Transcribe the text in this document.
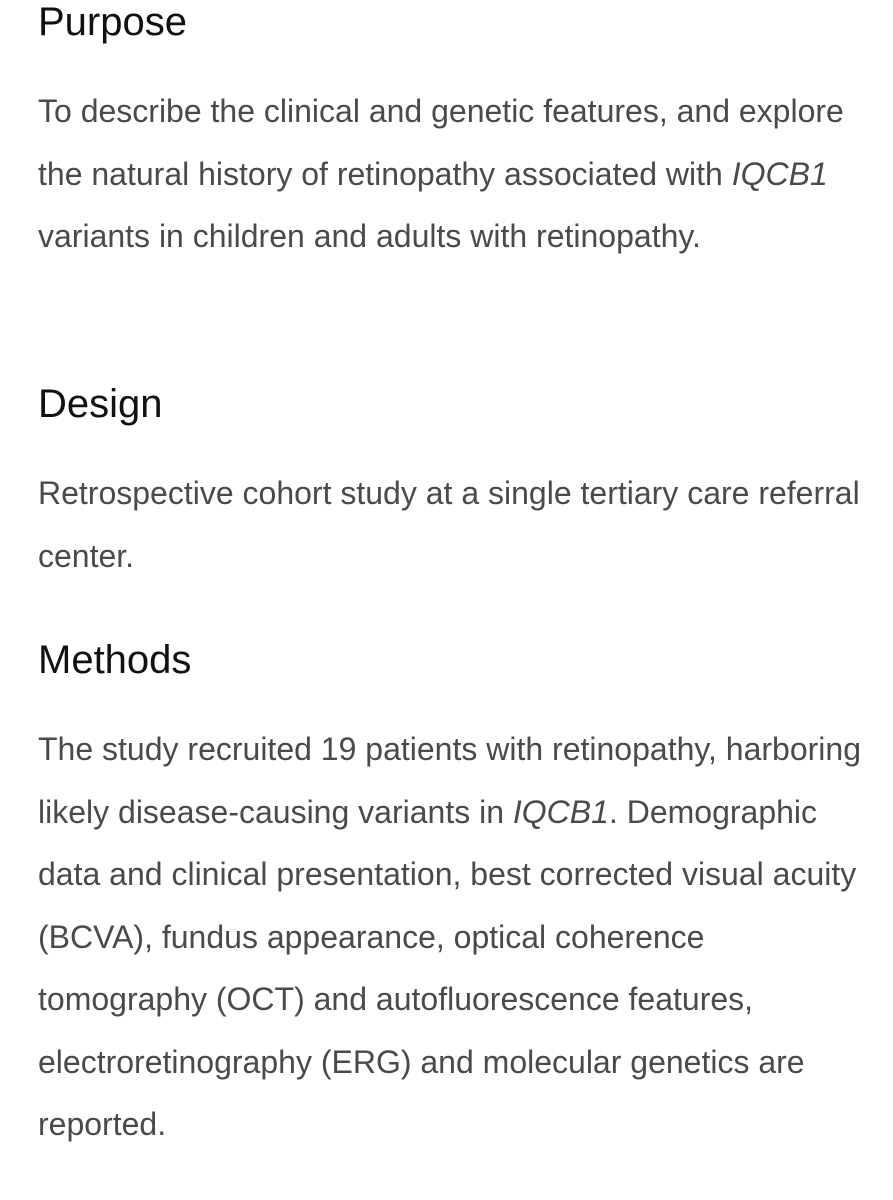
Purpose

To describe the clinical and genetic features, and explore the natural history of retinopathy associated with IQCB1 variants in children and adults with retinopathy.

Design

Retrospective cohort study at a single tertiary care referral center.

Methods

The study recruited 19 patients with retinopathy, harboring likely disease-causing variants in IQCB1. Demographic data and clinical presentation, best corrected visual acuity (BCVA), fundus appearance, optical coherence tomography (OCT) and autofluorescence features, electroretinography (ERG) and molecular genetics are reported.
